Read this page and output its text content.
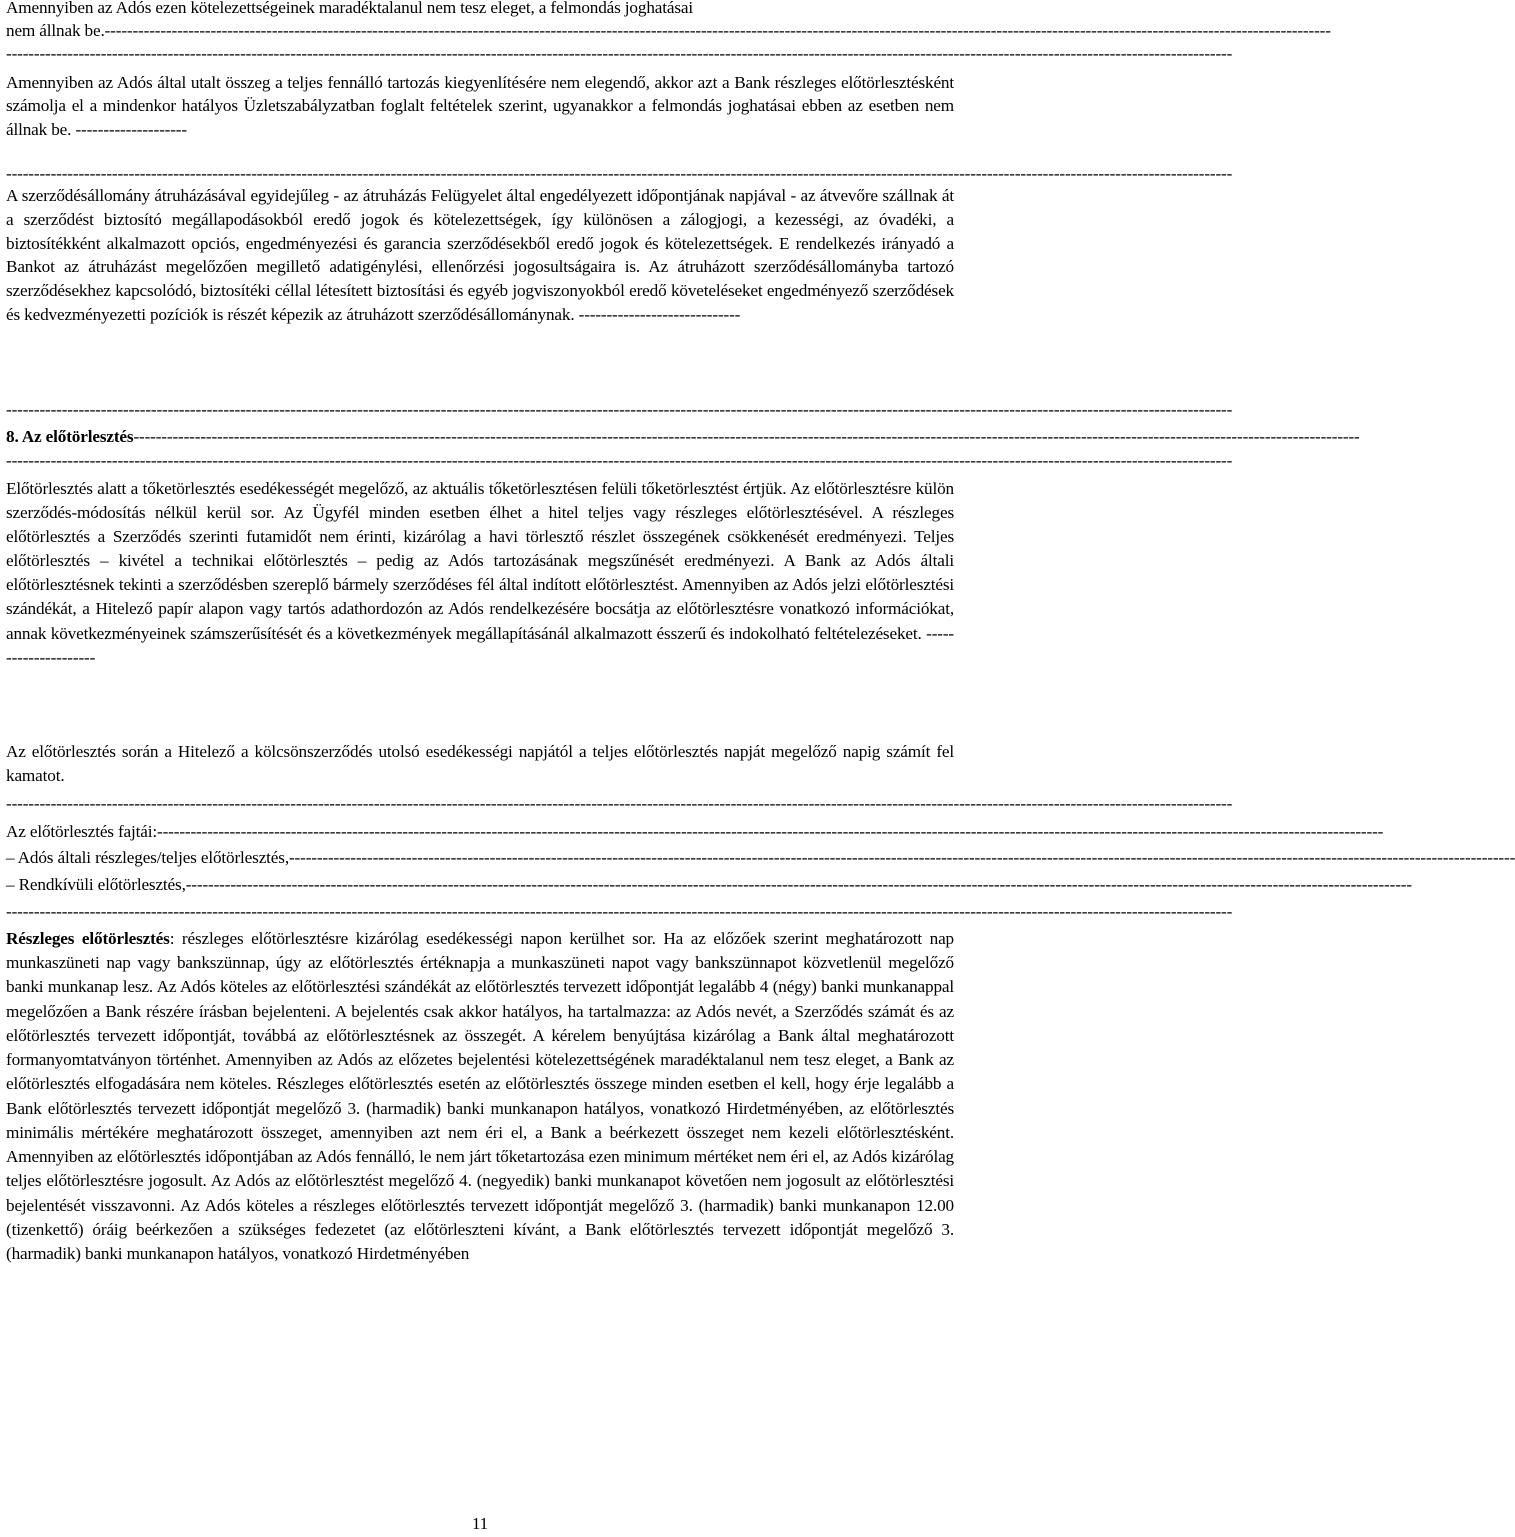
Amennyiben az Adós ezen kötelezettségeinek maradéktalanul nem tesz eleget, a felmondás joghatásai
nem állnak be. ----------------------------------------------------------------------------------------------------------------------------------------------------------------------------------------------------------------------------
----------------------------------------------------------------------------------------------------------------------------------------------------------------------------------------------------------------------------

Amennyiben az Adós által utalt összeg a teljes fennálló tartozás kiegyenlítésére nem elegendő, akkor azt a Bank részleges előtörlesztésként számolja el a mindenkor hatályos Üzletszabályzatban foglalt feltételek szerint, ugyanakkor a felmondás joghatásai ebben az esetben nem állnak be. --------------------

----------------------------------------------------------------------------------------------------------------------------------------------------------------------------------------------------------------------------

A szerződésállomány átruházásával egyidejűleg - az átruházás Felügyelet által engedélyezett időpontjának napjával - az átvevőre szállnak át a szerződést biztosító megállapodásokból eredő jogok és kötelezettségek, így különösen a zálogjogi, a kezességi, az óvadéki, a biztosítékként alkalmazott opciós, engedményezési és garancia szerződésekből eredő jogok és kötelezettségek. E rendelkezés irányadó a Bankot az átruházást megelőzően megillető adatigénylési, ellenőrzési jogosultságaira is. Az átruházott szerződésállományba tartozó szerződésekhez kapcsolódó, biztosítéki céllal létesített biztosítási és egyéb jogviszonyokból eredő követeléseket engedményező szerződések és kedvezményezetti pozíciók is részét képezik az átruházott szerződésállománynak. -----------------------------

----------------------------------------------------------------------------------------------------------------------------------------------------------------------------------------------------------------------------
8. Az előtörlesztés ----------------------------------------------------------------------------------------------------------------------------------------------------------------------------------------------------------------------------
----------------------------------------------------------------------------------------------------------------------------------------------------------------------------------------------------------------------------

Előtörlesztés alatt a tőketörlesztés esedékességét megelőző, az aktuális tőketörlesztésen felüli tőketörlesztést értjük. Az előtörlesztésre külön szerződés-módosítás nélkül kerül sor. Az Ügyfél minden esetben élhet a hitel teljes vagy részleges előtörlesztésével. A részleges előtörlesztés a Szerződés szerinti futamidőt nem érinti, kizárólag a havi törlesztő részlet összegének csökkenését eredményezi. Teljes előtörlesztés – kivétel a technikai előtörlesztés – pedig az Adós tartozásának megszűnését eredményezi. A Bank az Adós általi előtörlesztésnek tekinti a szerződésben szereplő bármely szerződéses fél által indított előtörlesztést. Amennyiben az Adós jelzi előtörlesztési szándékát, a Hitelező papír alapon vagy tartós adathordozón az Adós rendelkezésére bocsátja az előtörlesztésre vonatkozó információkat, annak következményeinek számszerűsítését és a következmények megállapításánál alkalmazott ésszerű és indokolható feltételezéseket. ---------------------

Az előtörlesztés során a Hitelező a kölcsönszerződés utolsó esedékességi napjától a teljes előtörlesztés napját megelőző napig számít fel kamatot.

----------------------------------------------------------------------------------------------------------------------------------------------------------------------------------------------------------------------------
Az előtörlesztés fajtái: ----------------------------------------------------------------------------------------------------------------------------------------------------------------------------------------------------------------------------
– Adós általi részleges/teljes előtörlesztés, ----------------------------------------------------------------------------------------------------------------------------------------------------------------------------------------------------------------------------
– Rendkívüli előtörlesztés, ----------------------------------------------------------------------------------------------------------------------------------------------------------------------------------------------------------------------------
----------------------------------------------------------------------------------------------------------------------------------------------------------------------------------------------------------------------------

Részleges előtörlesztés: részleges előtörlesztésre kizárólag esedékességi napon kerülhet sor. Ha az előzőek szerint meghatározott nap munkaszüneti nap vagy bankszünnap, úgy az előtörlesztés értéknapja a munkaszüneti napot vagy bankszünnapot közvetlenül megelőző banki munkanap lesz. Az Adós köteles az előtörlesztési szándékát az előtörlesztés tervezett időpontját legalább 4 (négy) banki munkanappal megelőzően a Bank részére írásban bejelenteni. A bejelentés csak akkor hatályos, ha tartalmazza: az Adós nevét, a Szerződés számát és az előtörlesztés tervezett időpontját, továbbá az előtörlesztésnek az összegét. A kérelem benyújtása kizárólag a Bank által meghatározott formanyomtatványon történhet. Amennyiben az Adós az előzetes bejelentési kötelezettségének maradéktalanul nem tesz eleget, a Bank az előtörlesztés elfogadására nem köteles. Részleges előtörlesztés esetén az előtörlesztés összege minden esetben el kell, hogy érje legalább a Bank előtörlesztés tervezett időpontját megelőző 3. (harmadik) banki munkanapon hatályos, vonatkozó Hirdetményében, az előtörlesztés minimális mértékére meghatározott összeget, amennyiben azt nem éri el, a Bank a beérkezett összeget nem kezeli előtörlesztésként. Amennyiben az előtörlesztés időpontjában az Adós fennálló, le nem járt tőketartozása ezen minimum mértéket nem éri el, az Adós kizárólag teljes előtörlesztésre jogosult. Az Adós az előtörlesztést megelőző 4. (negyedik) banki munkanapot követően nem jogosult az előtörlesztési bejelentését visszavonni. Az Adós köteles a részleges előtörlesztés tervezett időpontját megelőző 3. (harmadik) banki munkanapon 12.00 (tizenkettő) óráig beérkezően a szükséges fedezetet (az előtörleszteni kívánt, a Bank előtörlesztés tervezett időpontját megelőző 3. (harmadik) banki munkanapon hatályos, vonatkozó Hirdetményében

11
